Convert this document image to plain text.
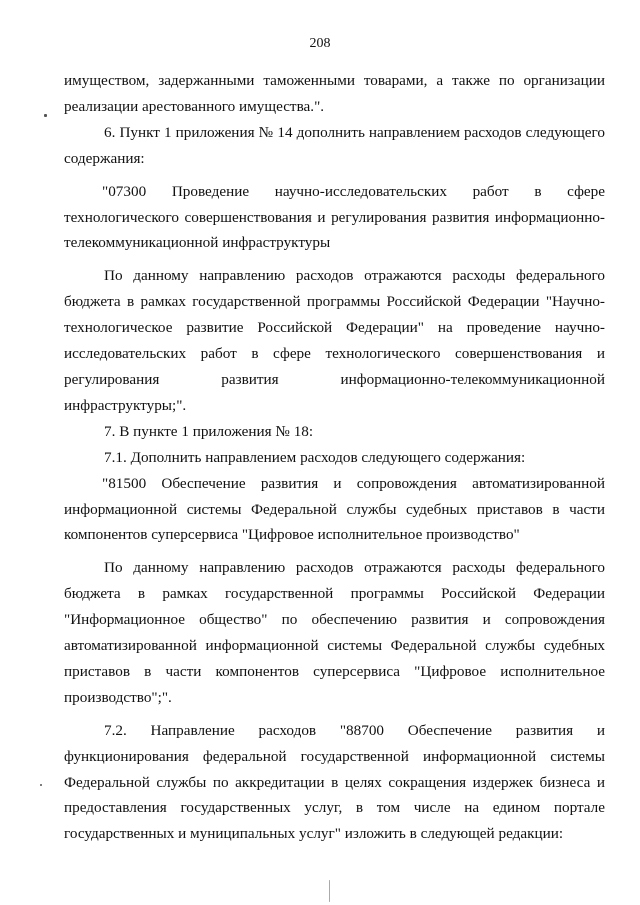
208

имуществом, задержанными таможенными товарами, а также по организации реализации арестованного имущества.".

6. Пункт 1 приложения № 14 дополнить направлением расходов следующего содержания:

"07300 Проведение научно-исследовательских работ в сфере технологического совершенствования и регулирования развития информационно-телекоммуникационной инфраструктуры

По данному направлению расходов отражаются расходы федерального бюджета в рамках государственной программы Российской Федерации "Научно-технологическое развитие Российской Федерации" на проведение научно-исследовательских работ в сфере технологического совершенствования и регулирования развития информационно-телекоммуникационной инфраструктуры;".

7. В пункте 1 приложения № 18:

7.1. Дополнить направлением расходов следующего содержания:

"81500 Обеспечение развития и сопровождения автоматизированной информационной системы Федеральной службы судебных приставов в части компонентов суперсервиса "Цифровое исполнительное производство"

По данному направлению расходов отражаются расходы федерального бюджета в рамках государственной программы Российской Федерации "Информационное общество" по обеспечению развития и сопровождения автоматизированной информационной системы Федеральной службы судебных приставов в части компонентов суперсервиса "Цифровое исполнительное производство";".

7.2. Направление расходов "88700 Обеспечение развития и функционирования федеральной государственной информационной системы Федеральной службы по аккредитации в целях сокращения издержек бизнеса и предоставления государственных услуг, в том числе на едином портале государственных и муниципальных услуг" изложить в следующей редакции:
